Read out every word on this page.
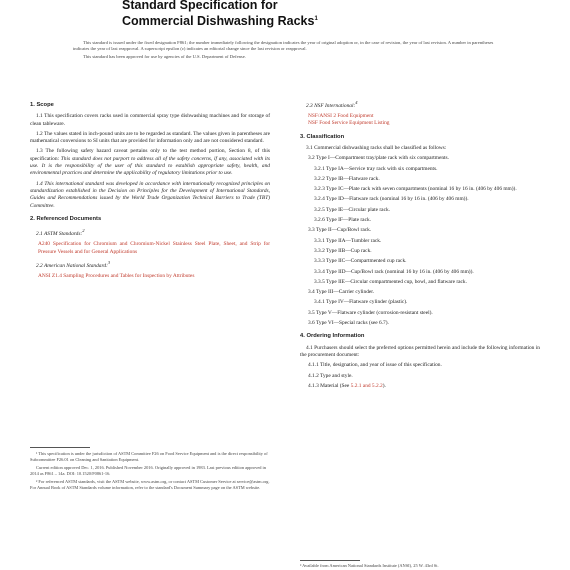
Standard Specification for
Commercial Dishwashing Racks$^1$

This standard is issued under the fixed designation F861; the number immediately following the designation indicates the year of original adoption or, in the case of revision, the year of last revision. A number in parentheses indicates the year of last reapproval. A superscript epsilon (ε) indicates an editorial change since the last revision or reapproval.

This standard has been approved for use by agencies of the U.S. Department of Defense.

1. Scope

1.1 This specification covers racks used in commercial spray type dishwashing machines and for storage of clean tableware.

1.2 The values stated in inch-pound units are to be regarded as standard. The values given in parentheses are mathematical conversions to SI units that are provided for information only and are not considered standard.

1.3 The following safety hazard caveat pertains only to the test method portion, Section 8, of this specification: This standard does not purport to address all of the safety concerns, if any, associated with its use. It is the responsibility of the user of this standard to establish appropriate safety, health, and environmental practices and determine the applicability of regulatory limitations prior to use.

1.4 This international standard was developed in accordance with internationally recognized principles on standardization established in the Decision on Principles for the Development of International Standards, Guides and Recommendations issued by the World Trade Organization Technical Barriers to Trade (TBT) Committee.

2. Referenced Documents

2.1 ASTM Standards:$^2$

A240 Specification for Chromium and Chromium-Nickel Stainless Steel Plate, Sheet, and Strip for Pressure Vessels and for General Applications

2.2 American National Standard:$^3$

ANSI Z1.4 Sampling Procedures and Tables for Inspection by Attributes

2.3 NSF International:$^4$

NSF/ANSI 2 Food Equipment

NSF Food Service Equipment Listing

3. Classification

3.1 Commercial dishwashing racks shall be classified as follows:

3.2 Type I—Compartment tray/plate rack with six compartments.

3.2.1 Type IA—Service tray rack with six compartments.

3.2.2 Type IB—Flatware rack.

3.2.3 Type IC—Plate rack with seven compartments (nominal 16 by 16 in. (406 by 406 mm)).

3.2.4 Type ID—Flatware rack (nominal 16 by 16 in. (406 by 406 mm)).

3.2.5 Type IE—Circular plate rack.

3.2.6 Type IF—Plate rack.

3.3 Type II—Cup/Bowl rack.

3.3.1 Type IIA—Tumbler rack.

3.3.2 Type IIB—Cup rack.

3.3.3 Type IIC—Compartmented cup rack.

3.3.4 Type IID—Cup/Bowl rack (nominal 16 by 16 in. (406 by 406 mm)).

3.3.5 Type IIE—Circular compartmented cup, bowl, and flatware rack.

3.4 Type III—Carrier cylinder.

3.4.1 Type IV—Flatware cylinder (plastic).

3.5 Type V—Flatware cylinder (corrosion-resistant steel).

3.6 Type VI—Special racks (see 6.7).

4. Ordering Information

4.1 Purchasers should select the preferred options permitted herein and include the following information in the procurement document:

4.1.1 Title, designation, and year of issue of this specification.

4.1.2 Type and style.

4.1.3 Material (See 5.2.1 and 5.2.2).

¹ This specification is under the jurisdiction of ASTM Committee F26 on Food Service Equipment and is the direct responsibility of Subcommittee F26.01 on Cleaning and Sanitation Equipment.

Current edition approved Dec. 1, 2016. Published November 2016. Originally approved in 1983. Last previous edition approved in 2014 as F861 – 14a. DOI: 10.1520/F0861-16.

² For referenced ASTM standards, visit the ASTM website, www.astm.org, or contact ASTM Customer Service at service@astm.org. For Annual Book of ASTM Standards volume information, refer to the standard's Document Summary page on the ASTM website.

³ Available from American National Standards Institute (ANSI), 25 W. 43rd St.
